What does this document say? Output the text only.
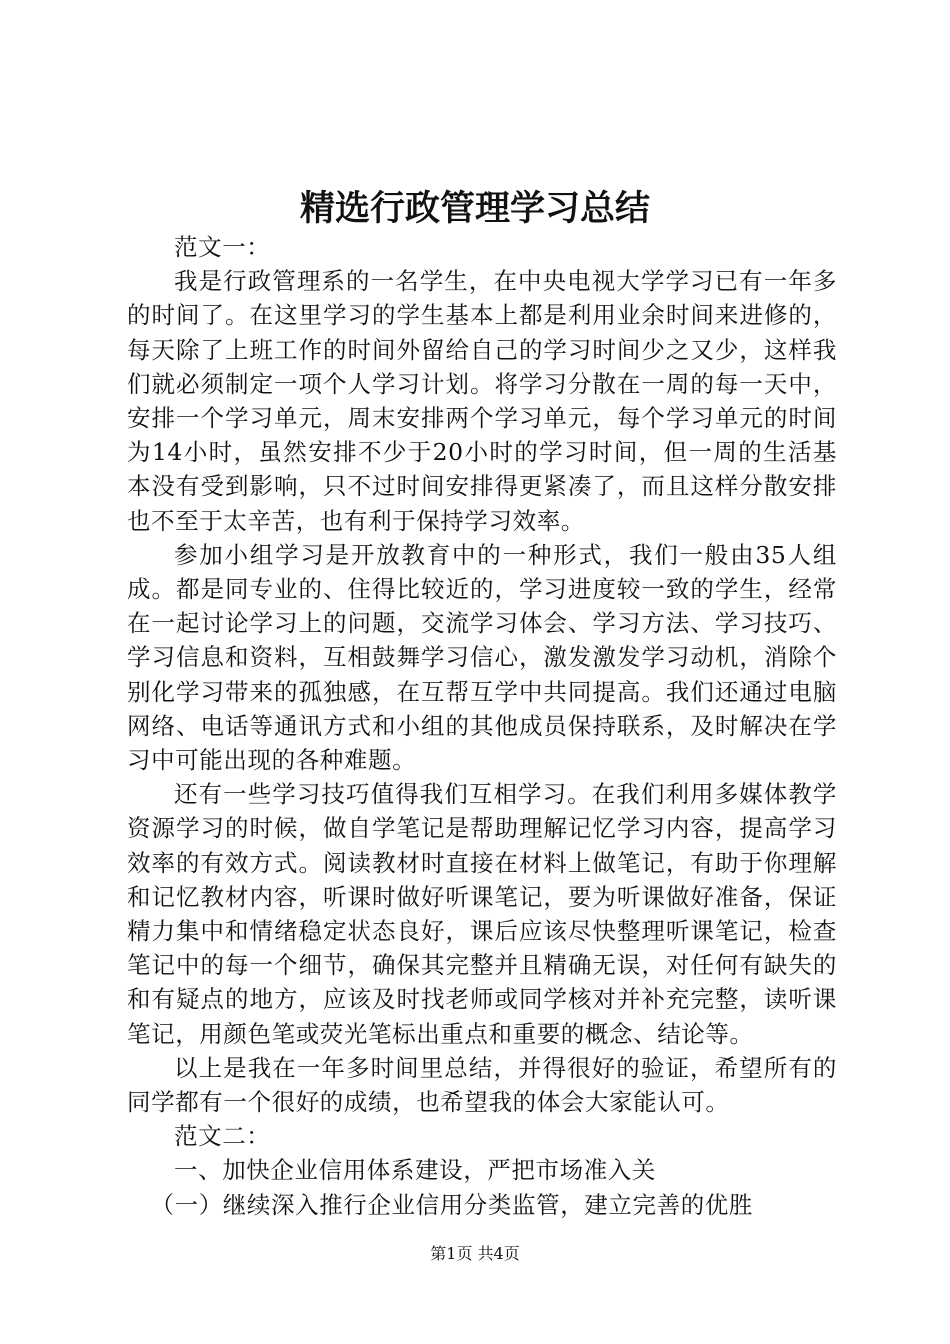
精选行政管理学习总结

范文一：

我是行政管理系的一名学生，在中央电视大学学习已有一年多的时间了。在这里学习的学生基本上都是利用业余时间来进修的，每天除了上班工作的时间外留给自己的学习时间少之又少，这样我们就必须制定一项个人学习计划。将学习分散在一周的每一天中，安排一个学习单元，周末安排两个学习单元，每个学习单元的时间为14小时，虽然安排不少于20小时的学习时间，但一周的生活基本没有受到影响，只不过时间安排得更紧凑了，而且这样分散安排也不至于太辛苦，也有利于保持学习效率。

参加小组学习是开放教育中的一种形式，我们一般由35人组成。都是同专业的、住得比较近的，学习进度较一致的学生，经常在一起讨论学习上的问题，交流学习体会、学习方法、学习技巧、学习信息和资料，互相鼓舞学习信心，激发激发学习动机，消除个别化学习带来的孤独感，在互帮互学中共同提高。我们还通过电脑网络、电话等通讯方式和小组的其他成员保持联系，及时解决在学习中可能出现的各种难题。

还有一些学习技巧值得我们互相学习。在我们利用多媒体教学资源学习的时候，做自学笔记是帮助理解记忆学习内容，提高学习效率的有效方式。阅读教材时直接在材料上做笔记，有助于你理解和记忆教材内容，听课时做好听课笔记，要为听课做好准备，保证精力集中和情绪稳定状态良好，课后应该尽快整理听课笔记，检查笔记中的每一个细节，确保其完整并且精确无误，对任何有缺失的和有疑点的地方，应该及时找老师或同学核对并补充完整，读听课笔记，用颜色笔或荧光笔标出重点和重要的概念、结论等。

以上是我在一年多时间里总结，并得很好的验证，希望所有的同学都有一个很好的成绩，也希望我的体会大家能认可。

范文二：

一、加快企业信用体系建设，严把市场准入关

（一）继续深入推行企业信用分类监管，建立完善的优胜

第1页 共4页
